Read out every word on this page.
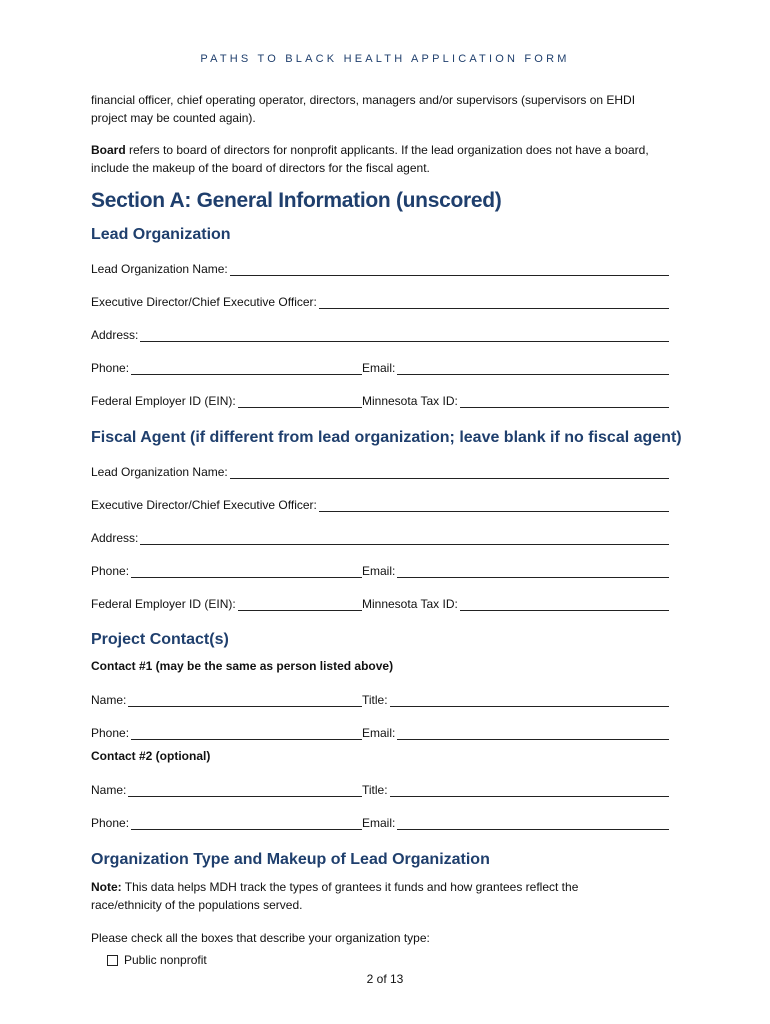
PATHS TO BLACK HEALTH APPLICATION FORM
financial officer, chief operating operator, directors, managers and/or supervisors (supervisors on EHDI project may be counted again).
Board refers to board of directors for nonprofit applicants. If the lead organization does not have a board, include the makeup of the board of directors for the fiscal agent.
Section A: General Information (unscored)
Lead Organization
Lead Organization Name:
Executive Director/Chief Executive Officer:
Address:
Phone:	Email:
Federal Employer ID (EIN):	Minnesota Tax ID:
Fiscal Agent (if different from lead organization; leave blank if no fiscal agent)
Lead Organization Name:
Executive Director/Chief Executive Officer:
Address:
Phone:	Email:
Federal Employer ID (EIN):	Minnesota Tax ID:
Project Contact(s)
Contact #1 (may be the same as person listed above)
Name:	Title:
Phone:	Email:
Contact #2 (optional)
Name:	Title:
Phone:	Email:
Organization Type and Makeup of Lead Organization
Note: This data helps MDH track the types of grantees it funds and how grantees reflect the race/ethnicity of the populations served.
Please check all the boxes that describe your organization type:
Public nonprofit
2 of 13
